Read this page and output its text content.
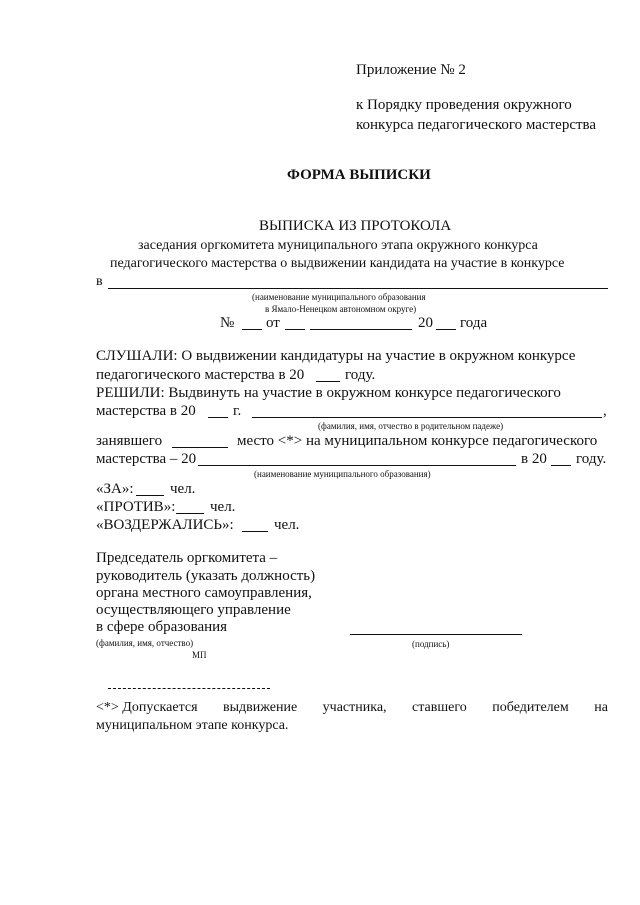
Приложение № 2
к Порядку проведения окружного
конкурса педагогического мастерства
ФОРМА ВЫПИСКИ
ВЫПИСКА ИЗ ПРОТОКОЛА
заседания оргкомитета муниципального этапа окружного конкурса
педагогического мастерства о выдвижении кандидата на участие в конкурсе
в
(наименование муниципального образования
в Ямало-Ненецком автономном округе)
№ от	20 года
СЛУШАЛИ: О выдвижении кандидатуры на участие в окружном конкурсе
педагогического мастерства в 20	году.
РЕШИЛИ: Выдвинуть на участие в окружном конкурсе педагогического
мастерства в 20 г.	,
(фамилия, имя, отчество в родительном падеже)
занявшего	место <*> на муниципальном конкурсе педагогического
мастерства – 20	в 20 году.
(наименование муниципального образования)
«ЗА»: чел.
«ПРОТИВ»: чел.
«ВОЗДЕРЖАЛИСЬ»:	чел.
Председатель оргкомитета –
руководитель (указать должность)
органа местного самоуправления,
осуществляющего управление
в сфере образования
(фамилия, имя, отчество)	(подпись)
МП
<*> Допускается выдвижение участника, ставшего победителем на
муниципальном этапе конкурса.
